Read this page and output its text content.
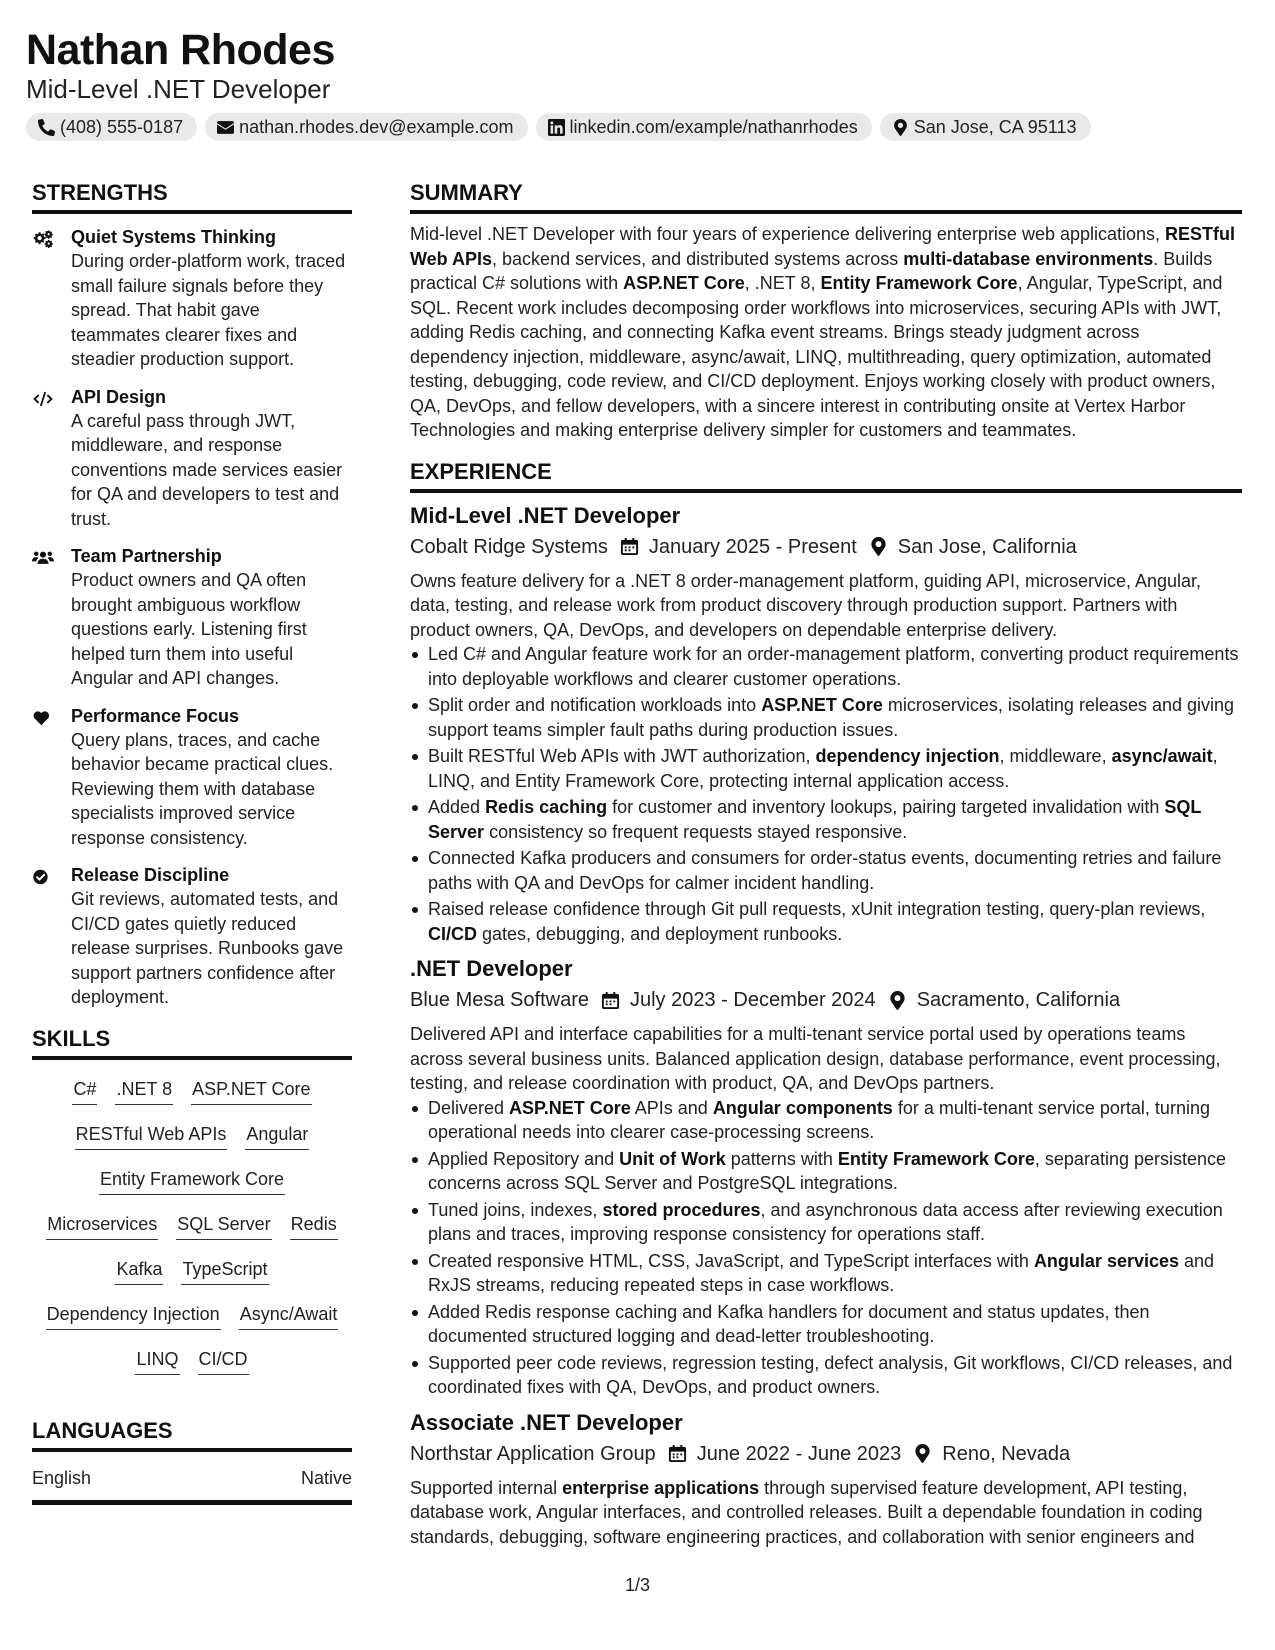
Nathan Rhodes
Mid-Level .NET Developer
(408) 555-0187	nathan.rhodes.dev@example.com	linkedin.com/example/nathanrhodes	San Jose, CA 95113
STRENGTHS
Quiet Systems Thinking
During order-platform work, traced small failure signals before they spread. That habit gave teammates clearer fixes and steadier production support.
API Design
A careful pass through JWT, middleware, and response conventions made services easier for QA and developers to test and trust.
Team Partnership
Product owners and QA often brought ambiguous workflow questions early. Listening first helped turn them into useful Angular and API changes.
Performance Focus
Query plans, traces, and cache behavior became practical clues. Reviewing them with database specialists improved service response consistency.
Release Discipline
Git reviews, automated tests, and CI/CD gates quietly reduced release surprises. Runbooks gave support partners confidence after deployment.
SKILLS
C# .NET 8 ASP.NET Core
RESTful Web APIs Angular
Entity Framework Core
Microservices SQL Server Redis
Kafka TypeScript
Dependency Injection Async/Await
LINQ CI/CD
LANGUAGES
English	Native
SUMMARY
Mid-level .NET Developer with four years of experience delivering enterprise web applications, RESTful Web APIs, backend services, and distributed systems across multi-database environments. Builds practical C# solutions with ASP.NET Core, .NET 8, Entity Framework Core, Angular, TypeScript, and SQL. Recent work includes decomposing order workflows into microservices, securing APIs with JWT, adding Redis caching, and connecting Kafka event streams. Brings steady judgment across dependency injection, middleware, async/await, LINQ, multithreading, query optimization, automated testing, debugging, code review, and CI/CD deployment. Enjoys working closely with product owners, QA, DevOps, and fellow developers, with a sincere interest in contributing onsite at Vertex Harbor Technologies and making enterprise delivery simpler for customers and teammates.
EXPERIENCE
Mid-Level .NET Developer
Cobalt Ridge Systems January 2025 - Present San Jose, California
Owns feature delivery for a .NET 8 order-management platform, guiding API, microservice, Angular, data, testing, and release work from product discovery through production support. Partners with product owners, QA, DevOps, and developers on dependable enterprise delivery.
Led C# and Angular feature work for an order-management platform, converting product requirements into deployable workflows and clearer customer operations.
Split order and notification workloads into ASP.NET Core microservices, isolating releases and giving support teams simpler fault paths during production issues.
Built RESTful Web APIs with JWT authorization, dependency injection, middleware, async/await, LINQ, and Entity Framework Core, protecting internal application access.
Added Redis caching for customer and inventory lookups, pairing targeted invalidation with SQL Server consistency so frequent requests stayed responsive.
Connected Kafka producers and consumers for order-status events, documenting retries and failure paths with QA and DevOps for calmer incident handling.
Raised release confidence through Git pull requests, xUnit integration testing, query-plan reviews, CI/CD gates, debugging, and deployment runbooks.
.NET Developer
Blue Mesa Software July 2023 - December 2024 Sacramento, California
Delivered API and interface capabilities for a multi-tenant service portal used by operations teams across several business units. Balanced application design, database performance, event processing, testing, and release coordination with product, QA, and DevOps partners.
Delivered ASP.NET Core APIs and Angular components for a multi-tenant service portal, turning operational needs into clearer case-processing screens.
Applied Repository and Unit of Work patterns with Entity Framework Core, separating persistence concerns across SQL Server and PostgreSQL integrations.
Tuned joins, indexes, stored procedures, and asynchronous data access after reviewing execution plans and traces, improving response consistency for operations staff.
Created responsive HTML, CSS, JavaScript, and TypeScript interfaces with Angular services and RxJS streams, reducing repeated steps in case workflows.
Added Redis response caching and Kafka handlers for document and status updates, then documented structured logging and dead-letter troubleshooting.
Supported peer code reviews, regression testing, defect analysis, Git workflows, CI/CD releases, and coordinated fixes with QA, DevOps, and product owners.
Associate .NET Developer
Northstar Application Group June 2022 - June 2023 Reno, Nevada
Supported internal enterprise applications through supervised feature development, API testing, database work, Angular interfaces, and controlled releases. Built a dependable foundation in coding standards, debugging, software engineering practices, and collaboration with senior engineers and
1/3
